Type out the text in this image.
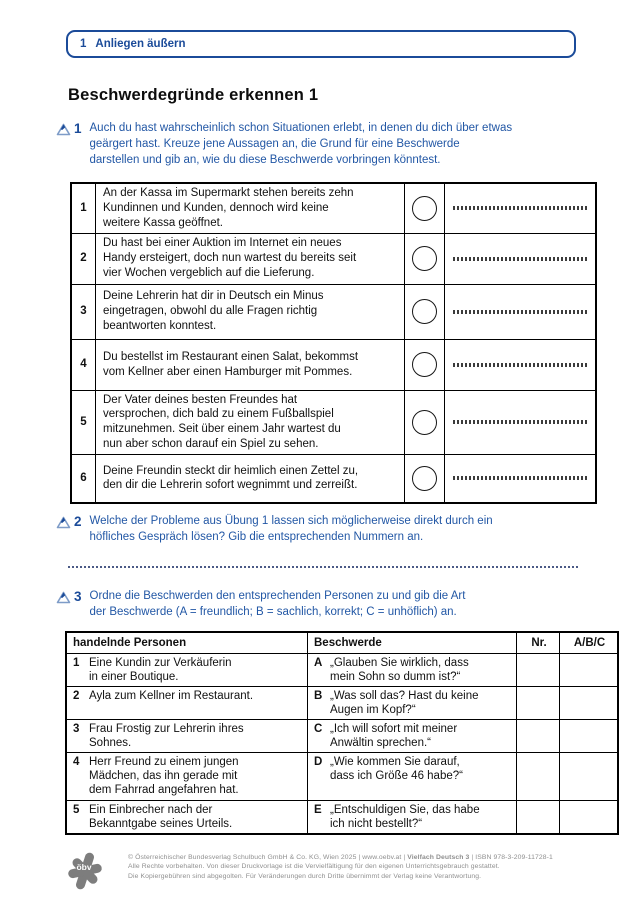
1 Anliegen äußern
Beschwerdegründe erkennen 1
1 Auch du hast wahrscheinlich schon Situationen erlebt, in denen du dich über etwas
geärgert hast. Kreuze jene Aussagen an, die Grund für eine Beschwerde
darstellen und gib an, wie du diese Beschwerde vorbringen könntest.
1	An der Kassa im Supermarkt stehen bereits zehn
Kundinnen und Kunden, dennoch wird keine
weitere Kassa geöffnet.	

2	Du hast bei einer Auktion im Internet ein neues
Handy ersteigert, doch nun wartest du bereits seit
vier Wochen vergeblich auf die Lieferung.	

3	Deine Lehrerin hat dir in Deutsch ein Minus
eingetragen, obwohl du alle Fragen richtig
beantworten konntest.	

4	Du bestellst im Restaurant einen Salat, bekommst
vom Kellner aber einen Hamburger mit Pommes.	

5	Der Vater deines besten Freundes hat
versprochen, dich bald zu einem Fußballspiel
mitzunehmen. Seit über einem Jahr wartest du
nun aber schon darauf ein Spiel zu sehen.	

6	Deine Freundin steckt dir heimlich einen Zettel zu,
den dir die Lehrerin sofort wegnimmt und zerreißt.	

2 Welche der Probleme aus Übung 1 lassen sich möglicherweise direkt durch ein
höfliches Gespräch lösen? Gib die entsprechenden Nummern an.
3 Ordne die Beschwerden den entsprechenden Personen zu und gib die Art
der Beschwerde (A = freundlich; B = sachlich, korrekt; C = unhöflich) an.
handelnde Personen	Beschwerde	Nr.	A/B/C

1 Eine Kundin zur Verkäuferin
in einer Boutique.	A „Glauben Sie wirklich, dass
mein Sohn so dumm ist?“		

2 Ayla zum Kellner im Restaurant.	B „Was soll das? Hast du keine
Augen im Kopf?“		

3 Frau Frostig zur Lehrerin ihres
Sohnes.	C „Ich will sofort mit meiner
Anwältin sprechen.“		

4 Herr Freund zu einem jungen
Mädchen, das ihn gerade mit
dem Fahrrad angefahren hat.	D „Wie kommen Sie darauf,
dass ich Größe 46 habe?“		

5 Ein Einbrecher nach der
Bekanntgabe seines Urteils.	E „Entschuldigen Sie, das habe
ich nicht bestellt?“		

öbv
© Österreichischer Bundesverlag Schulbuch GmbH & Co. KG, Wien 2025 | www.oebv.at | Vielfach Deutsch 3 | ISBN 978-3-209-11728-1
Alle Rechte vorbehalten. Von dieser Druckvorlage ist die Vervielfältigung für den eigenen Unterrichtsgebrauch gestattet.
Die Kopiergebühren sind abgegolten. Für Veränderungen durch Dritte übernimmt der Verlag keine Verantwortung.
